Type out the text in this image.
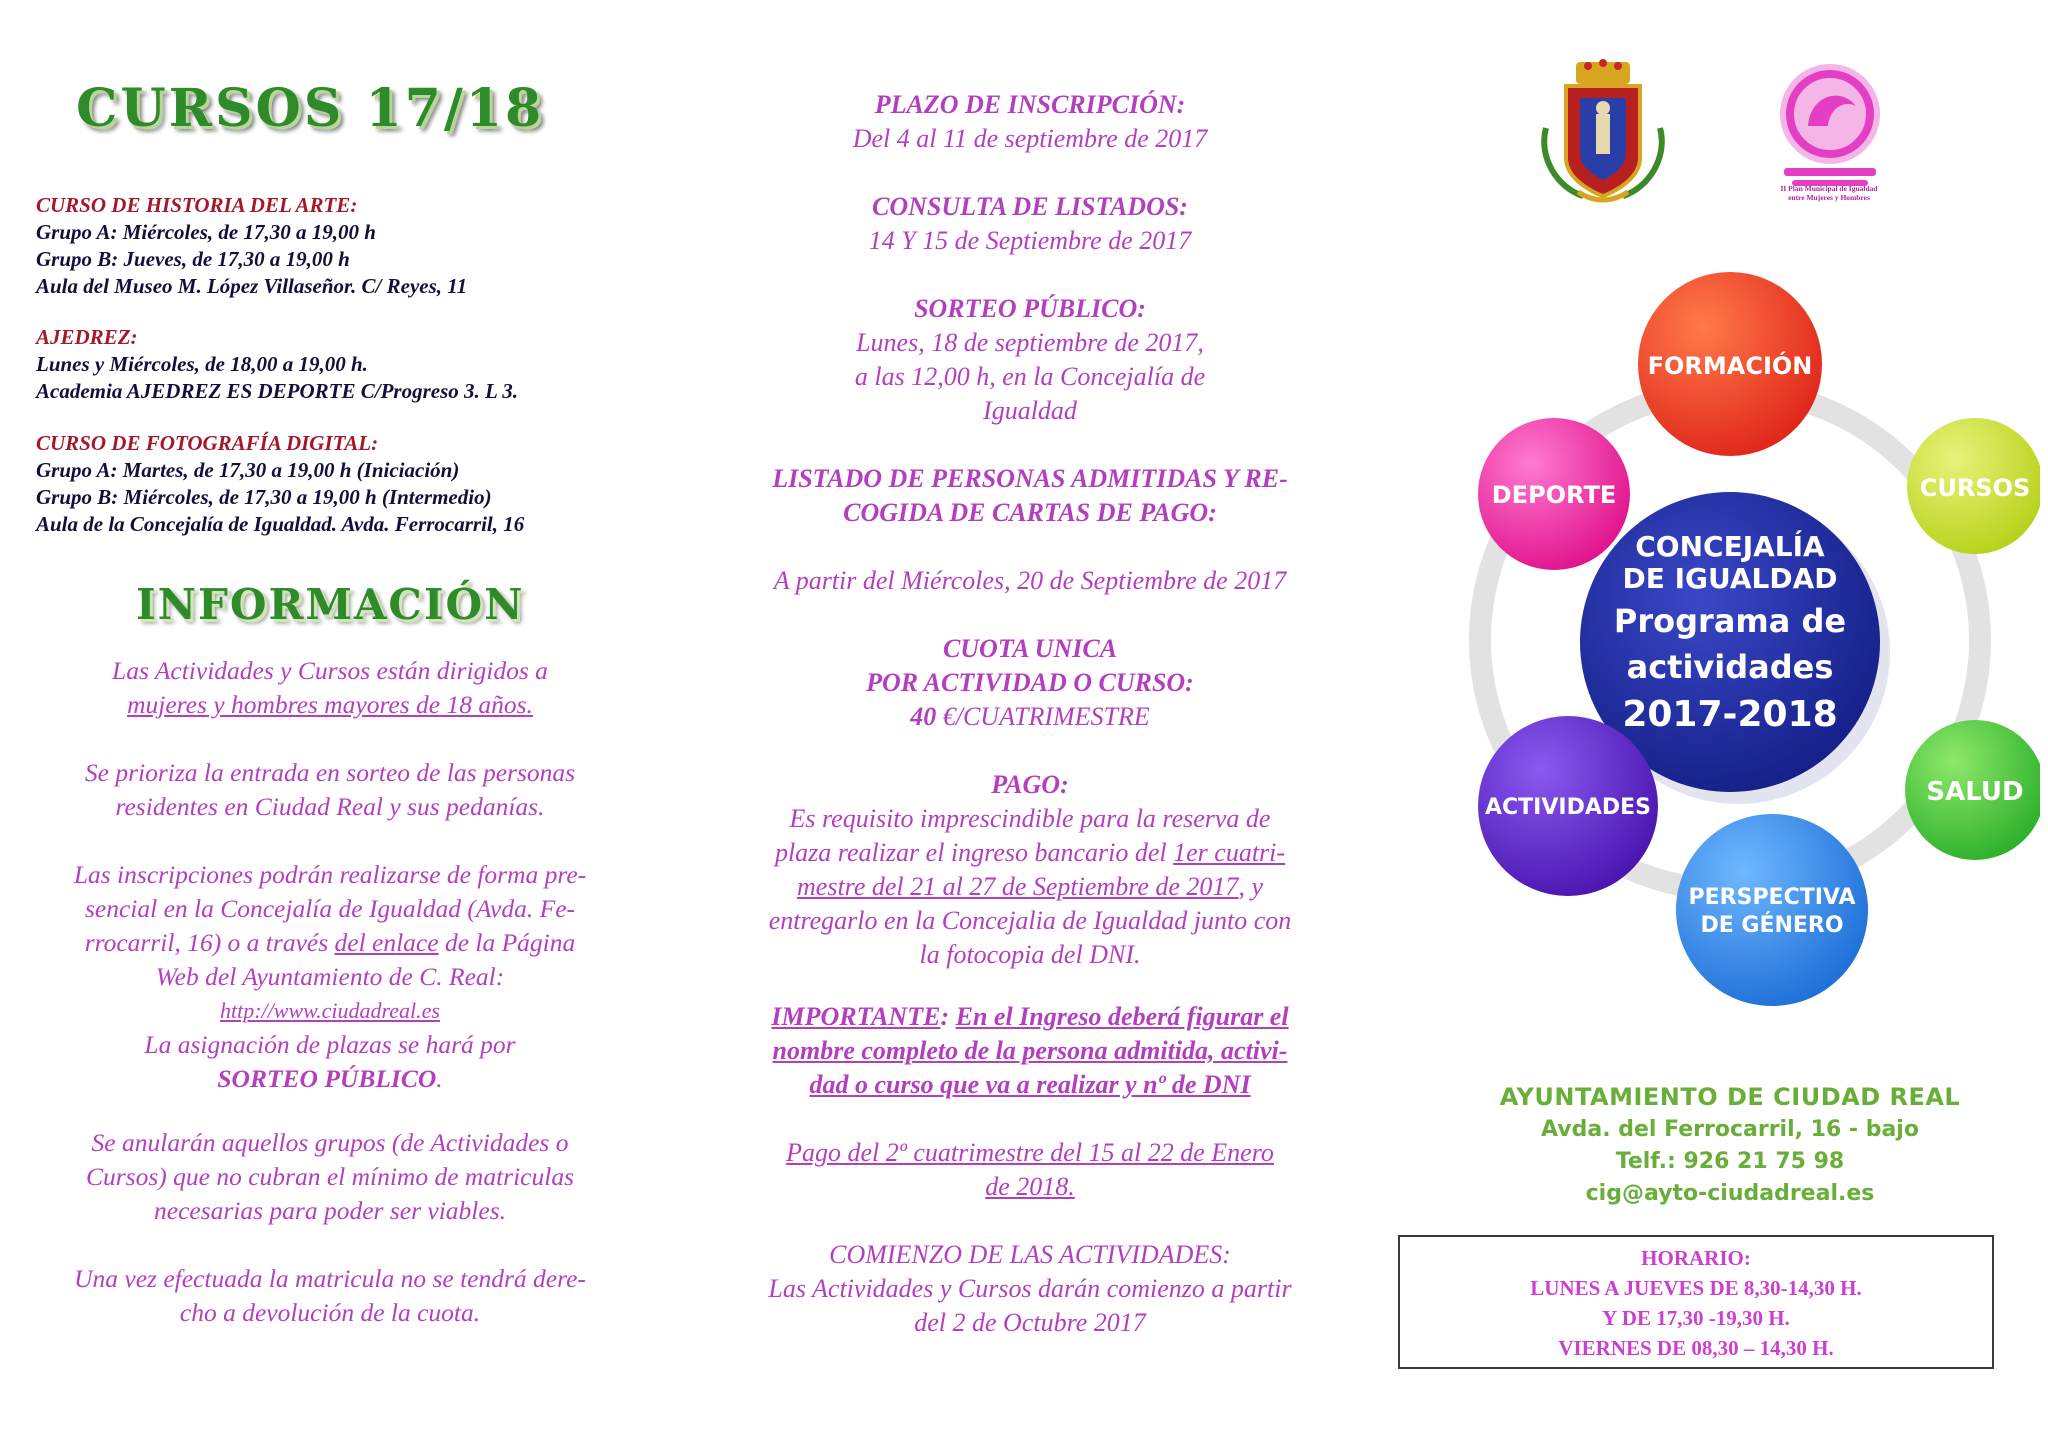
CURSOS 17/18
CURSO DE HISTORIA DEL ARTE:
Grupo A: Miércoles, de 17,30 a 19,00 h
Grupo B: Jueves, de 17,30 a 19,00 h
Aula del Museo M. López Villaseñor. C/ Reyes, 11
AJEDREZ:
Lunes y Miércoles, de 18,00 a 19,00 h.
Academia AJEDREZ ES DEPORTE C/Progreso 3. L 3.
CURSO DE FOTOGRAFÍA DIGITAL:
Grupo A: Martes, de 17,30 a 19,00 h (Iniciación)
Grupo B: Miércoles, de 17,30 a 19,00 h (Intermedio)
Aula de la Concejalía de Igualdad. Avda. Ferrocarril, 16
INFORMACIÓN
Las Actividades y Cursos están dirigidos a
mujeres y hombres mayores de 18 años.
Se prioriza la entrada en sorteo de las personas
residentes en Ciudad Real y sus pedanías.
Las inscripciones podrán realizarse de forma pre-
sencial en la Concejalía de Igualdad (Avda. Fe-
rrocarril, 16) o a través del enlace de la Página
Web del Ayuntamiento de C. Real:
http://www.ciudadreal.es
La asignación de plazas se hará por
SORTEO PÚBLICO.
Se anularán aquellos grupos (de Actividades o
Cursos) que no cubran el mínimo de matriculas
necesarias para poder ser viables.
Una vez efectuada la matricula no se tendrá dere-
cho a devolución de la cuota.
PLAZO DE INSCRIPCIÓN:
Del 4 al 11 de septiembre de 2017
CONSULTA DE LISTADOS:
14 Y 15 de Septiembre de 2017
SORTEO PÚBLICO:
Lunes, 18 de septiembre de 2017,
a las 12,00 h, en la Concejalía de
Igualdad
LISTADO DE PERSONAS ADMITIDAS Y RE-
COGIDA DE CARTAS DE PAGO:
A partir del Miércoles, 20 de Septiembre de 2017
CUOTA UNICA
POR ACTIVIDAD O CURSO:
40 €/CUATRIMESTRE
PAGO:
Es requisito imprescindible para la reserva de
plaza realizar el ingreso bancario del 1er cuatri-
mestre del 21 al 27 de Septiembre de 2017, y
entregarlo en la Concejalia de Igualdad junto con
la fotocopia del DNI.
IMPORTANTE: En el Ingreso deberá figurar el
nombre completo de la persona admitida, activi-
dad o curso que va a realizar y nº de DNI
Pago del 2º cuatrimestre del 15 al 22 de Enero
de 2018.
COMIENZO DE LAS ACTIVIDADES:
Las Actividades y Cursos darán comienzo a partir
del 2 de Octubre 2017
II Plan Municipal de Igualdad
entre Mujeres y Hombres
CONCEJALÍA
DE IGUALDAD
Programa de
actividades
2017-2018
FORMACIÓN
CURSOS
SALUD
PERSPECTIVA
DE GÉNERO
ACTIVIDADES
DEPORTE
AYUNTAMIENTO DE CIUDAD REAL
Avda. del Ferrocarril, 16 - bajo
Telf.: 926 21 75 98
cig@ayto-ciudadreal.es
HORARIO:
LUNES A JUEVES DE 8,30-14,30 H.
Y DE 17,30 -19,30 H.
VIERNES DE 08,30 – 14,30 H.
